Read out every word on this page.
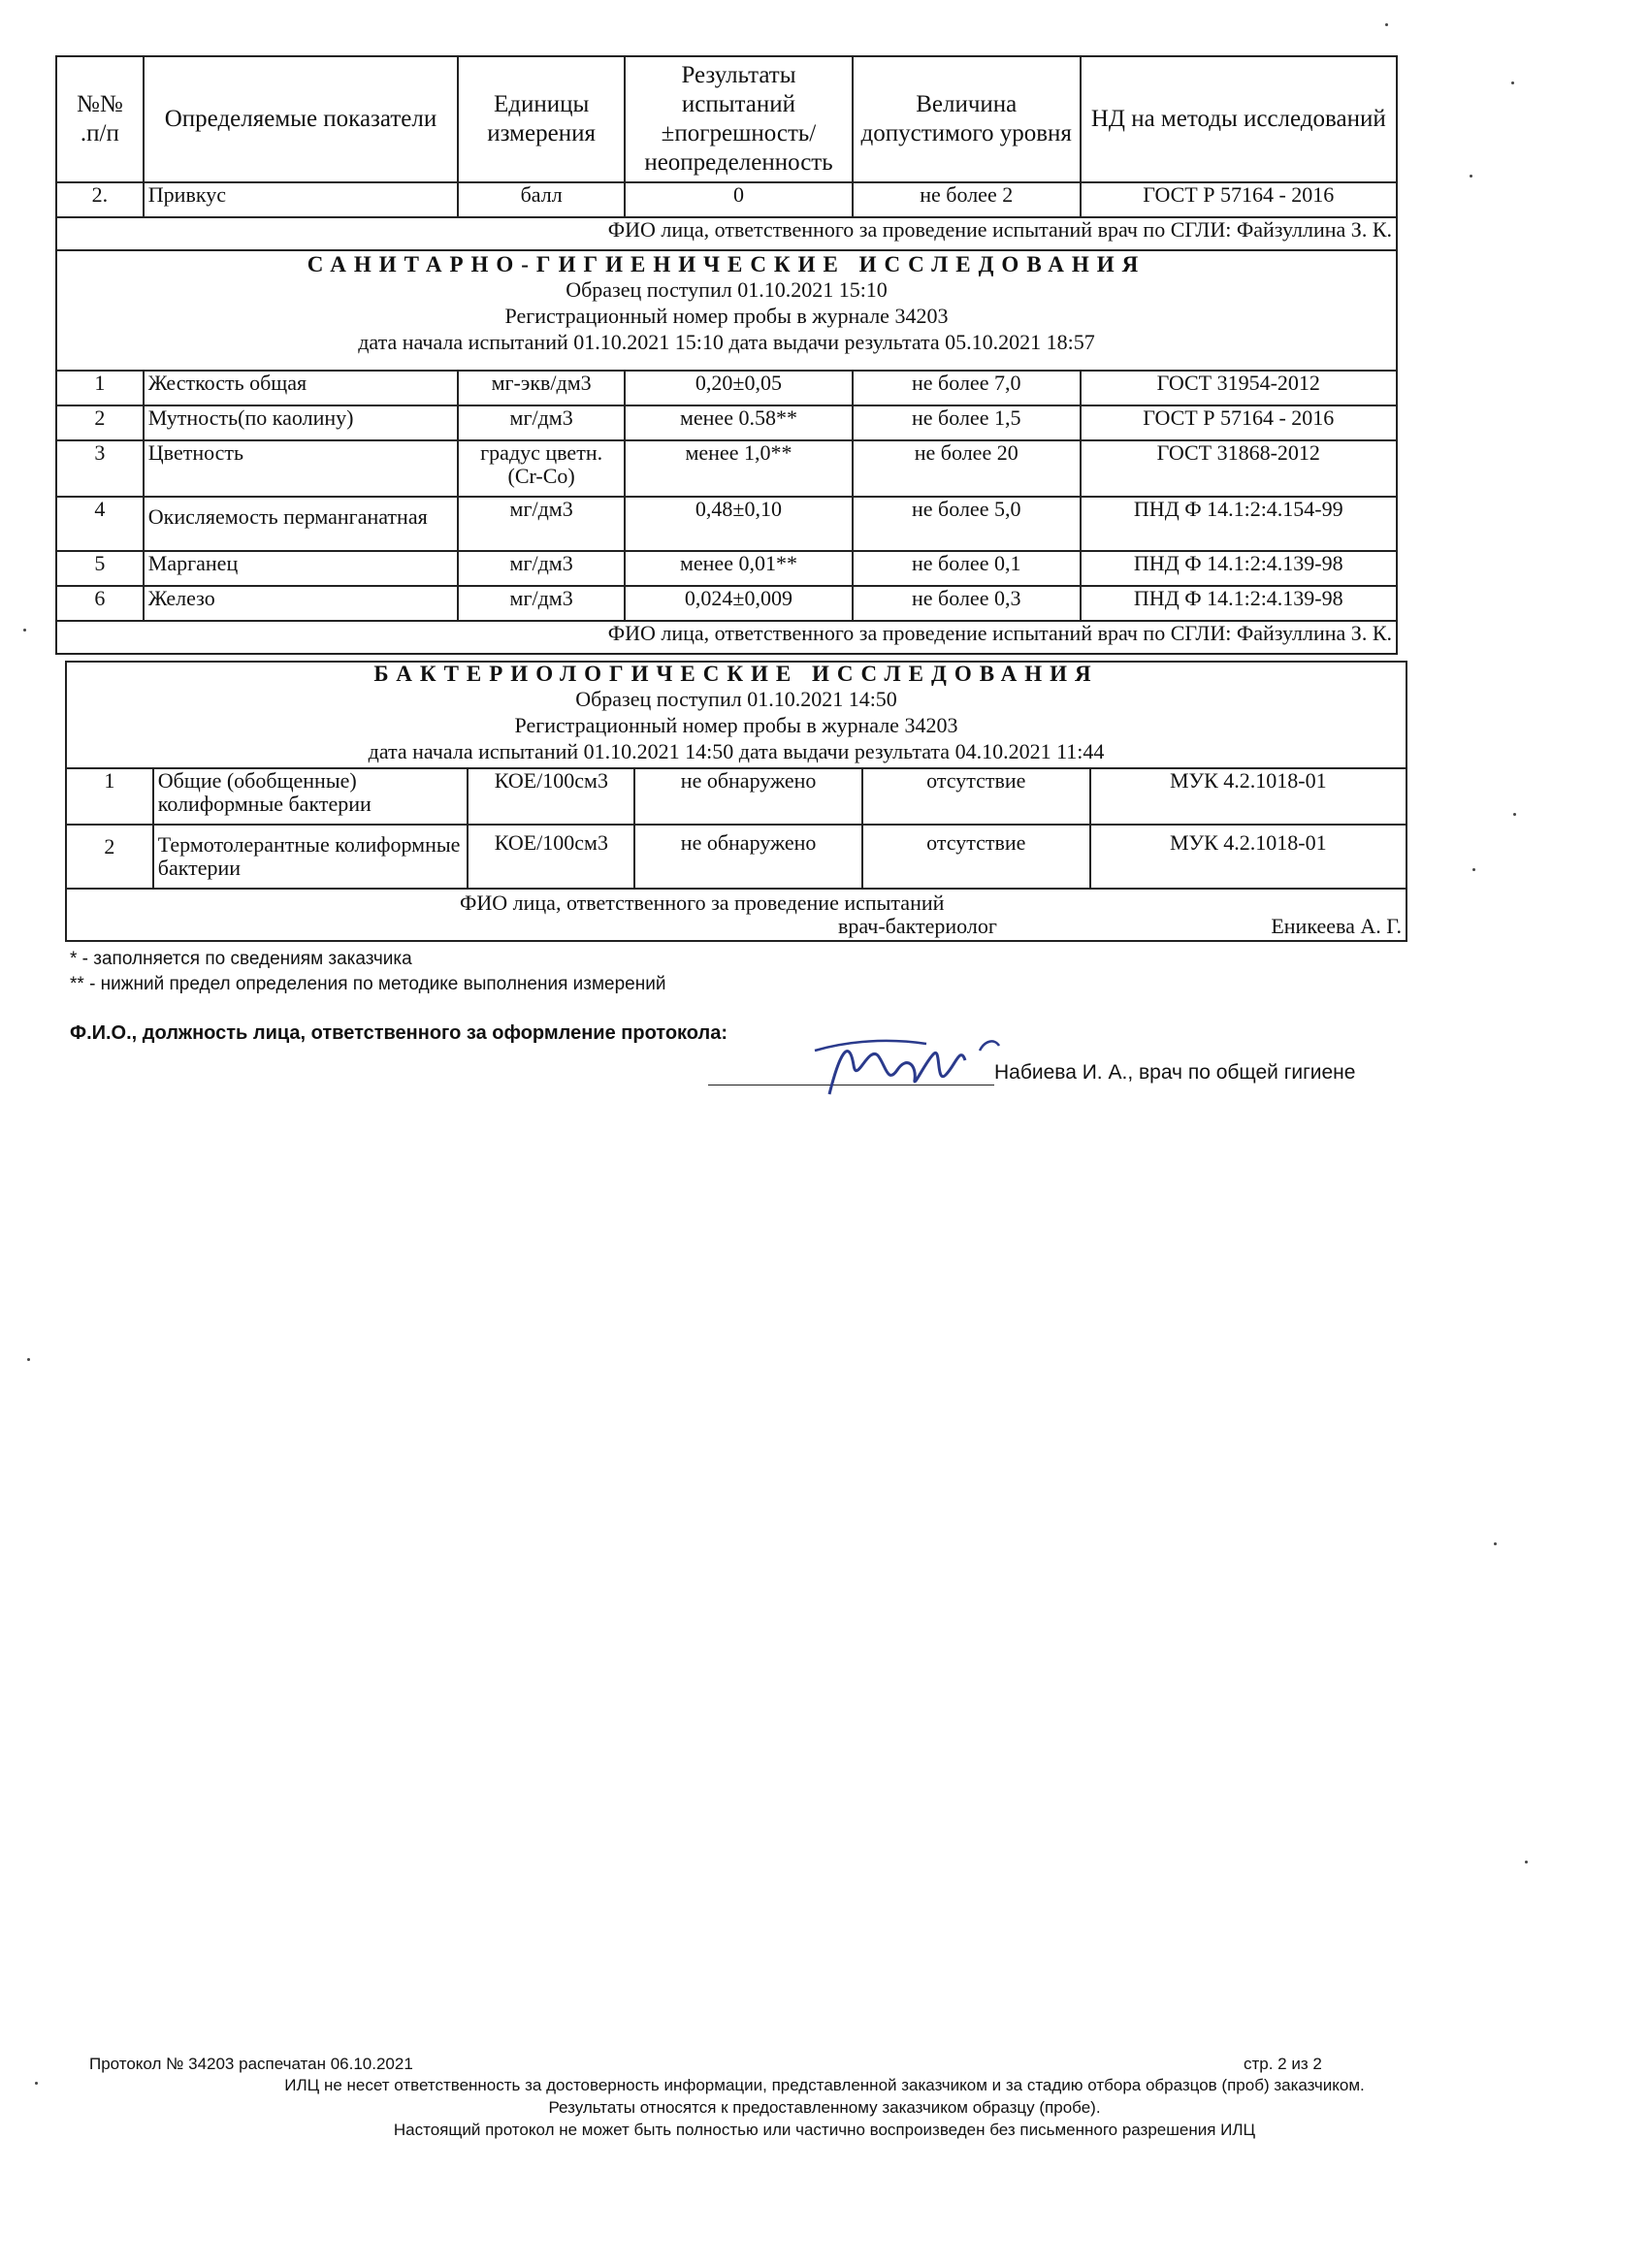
№№ .п/п	Определяемые показатели	Единицы измерения	Результаты испытаний ±погрешность/ неопределенность	Величина допустимого уровня	НД на методы исследований
2.	Привкус	балл	0	не более 2	ГОСТ Р 57164 - 2016
ФИО лица, ответственного за проведение испытаний врач по СГЛИ: Файзуллина З. К.					

САНИТАРНО-ГИГИЕНИЧЕСКИЕ ИССЛЕДОВАНИЯ
Образец поступил 01.10.2021 15:10
Регистрационный номер пробы в журнале 34203
дата начала испытаний 01.10.2021 15:10 дата выдачи результата 05.10.2021 18:57					

1	Жесткость общая	мг-экв/дм3	0,20±0,05	не более 7,0	ГОСТ 31954-2012
2	Мутность(по каолину)	мг/дм3	менее 0.58**	не более 1,5	ГОСТ Р 57164 - 2016
3	Цветность	градус цветн.(Cr-Co)	менее 1,0**	не более 20	ГОСТ 31868-2012
4	Окисляемость перманганатная	мг/дм3	0,48±0,10	не более 5,0	ПНД Ф 14.1:2:4.154-99
5	Марганец	мг/дм3	менее 0,01**	не более 0,1	ПНД Ф 14.1:2:4.139-98
6	Железо	мг/дм3	0,024±0,009	не более 0,3	ПНД Ф 14.1:2:4.139-98
ФИО лица, ответственного за проведение испытаний врач по СГЛИ: Файзуллина З. К.					
БАКТЕРИОЛОГИЧЕСКИЕ ИССЛЕДОВАНИЯ
Образец поступил 01.10.2021 14:50
Регистрационный номер пробы в журнале 34203
дата начала испытаний 01.10.2021 14:50 дата выдачи результата 04.10.2021 11:44					

1	Общие (обобщенные) колиформные бактерии	КОЕ/100см3	не обнаружено	отсутствие	МУК 4.2.1018-01
2	Термотолерантные колиформные бактерии	КОЕ/100см3	не обнаружено	отсутствие	МУК 4.2.1018-01

ФИО лица, ответственного за проведение испытаний
врач-бактериолог Еникеева А. Г.					
* - заполняется по сведениям заказчика
** - нижний предел определения по методике выполнения измерений
Ф.И.О., должность лица, ответственного за оформление протокола:
Набиева И. А., врач по общей гигиене
Протокол № 34203 распечатан 06.10.2021	стр. 2 из 2
ИЛЦ не несет ответственность за достоверность информации, представленной заказчиком и за стадию отбора образцов (проб) заказчиком.
Результаты относятся к предоставленному заказчиком образцу (пробе).
Настоящий протокол не может быть полностью или частично воспроизведен без письменного разрешения ИЛЦ
